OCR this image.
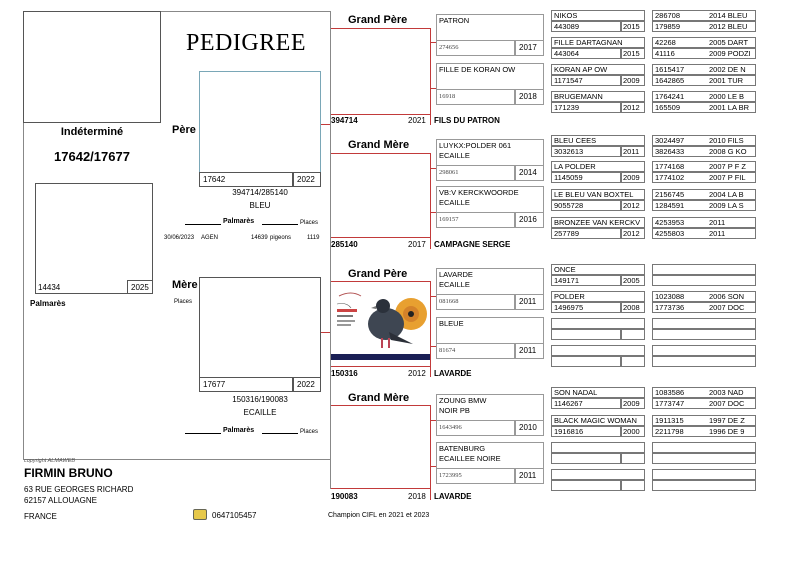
PEDIGREE
Indéterminé
17642/17677
14434	2025
Palmarès
Père
17642	2022
394714/285140
BLEU
Palmarès	Places
30/06/2023 AGEN	14639 pigeons	1119
Mère
Places
17677	2022
150316/190083
ECAILLE
Palmarès	Places
copyright ALMAWEB
Grand Père
394714	2021 FILS DU PATRON
Grand Mère
285140	2017 CAMPAGNE SERGE
Grand Père
150316	2012 LAVARDE
Grand Mère
190083	2018 LAVARDE
PATRON
274656	2017
FILLE DE KORAN OW
16918	2018
LUYKX:POLDER 061
ECAILLE
298061	2014
VB:V KERCKWOORDE
ECAILLE
169157	2016
LAVARDE
ECAILLE
081668	2011
BLEUE
81674	2011
ZOUNG BMW
NOIR PB
1643496	2010
BATENBURG
ECAILLEE NOIRE
1723995	2011
NIKOS
443089	2015
FILLE DARTAGNAN
443064	2015
KORAN AP OW
1171547	2009
BRUGEMANN
171239	2012
BLEU CEES
3032613	2011
LA POLDER
1145059	2009
LE BLEU VAN BOXTEL
9055728	2012
BRONZEE VAN KERCKV
257789	2012
ONCE
149171	2005
POLDER
1496975	2008
SON NADAL
1146267	2009
BLACK MAGIC WOMAN
1916816	2000
286708	2014 BLEU
179859	2012 BLEU
42268	2005 DART
41116	2009 PODZI
1615417	2002 DE N
1642865	2001 TUR
1764241	2000 LE B
165509	2001 LA BR
3024497	2010 FILS
3826433	2008 G KO
1774168	2007 P F Z
1774102	2007 P FIL
2156745	2004 LA B
1284591	2009 LA S
4253953	2011
4255803	2011
1023088	2006 SON
1773736	2007 DOC
1083586	2003 NAD
1773747	2007 DOC
1911315	1997 DE Z
2211798	1996 DE 9
FIRMIN BRUNO
63 RUE GEORGES RICHARD
62157 ALLOUAGNE
FRANCE	0647105457	Champion CIFL en 2021 et 2023
